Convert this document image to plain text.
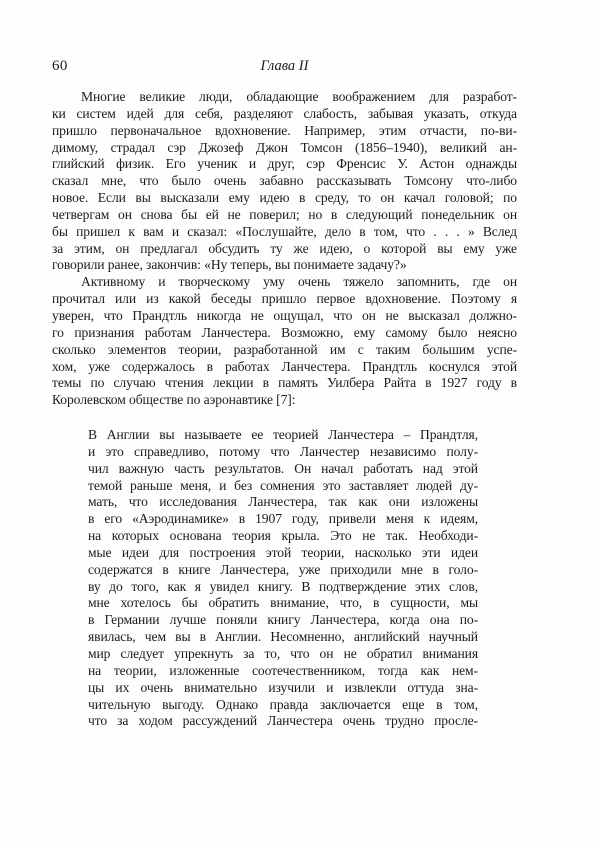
60	Глава II
Многие великие люди, обладающие воображением для разработ-
ки систем идей для себя, разделяют слабость, забывая указать, откуда
пришло первоначальное вдохновение. Например, этим отчасти, по-ви-
димому, страдал сэр Джозеф Джон Томсон (1856–1940), великий ан-
глийский физик. Его ученик и друг, сэр Френсис У. Астон однажды
сказал мне, что было очень забавно рассказывать Томсону что-либо
новое. Если вы высказали ему идею в среду, то он качал головой; по
четвергам он снова бы ей не поверил; но в следующий понедельник он
бы пришел к вам и сказал: «Послушайте, дело в том, что . . . » Вслед
за этим, он предлагал обсудить ту же идею, о которой вы ему уже
говорили ранее, закончив: «Ну теперь, вы понимаете задачу?»
Активному и творческому уму очень тяжело запомнить, где он
прочитал или из какой беседы пришло первое вдохновение. Поэтому я
уверен, что Прандтль никогда не ощущал, что он не высказал должно-
го признания работам Ланчестера. Возможно, ему самому было неясно
сколько элементов теории, разработанной им с таким большим успе-
хом, уже содержалось в работах Ланчестера. Прандтль коснулся этой
темы по случаю чтения лекции в память Уилбера Райта в 1927 году в
Королевском обществе по аэронавтике [7]:
В Англии вы называете ее теорией Ланчестера – Прандтля,
и это справедливо, потому что Ланчестер независимо полу-
чил важную часть результатов. Он начал работать над этой
темой раньше меня, и без сомнения это заставляет людей ду-
мать, что исследования Ланчестера, так как они изложены
в его «Аэродинамике» в 1907 году, привели меня к идеям,
на которых основана теория крыла. Это не так. Необходи-
мые идеи для построения этой теории, насколько эти идеи
содержатся в книге Ланчестера, уже приходили мне в голо-
ву до того, как я увидел книгу. В подтверждение этих слов,
мне хотелось бы обратить внимание, что, в сущности, мы
в Германии лучше поняли книгу Ланчестера, когда она по-
явилась, чем вы в Англии. Несомненно, английский научный
мир следует упрекнуть за то, что он не обратил внимания
на теории, изложенные соотечественником, тогда как нем-
цы их очень внимательно изучили и извлекли оттуда зна-
чительную выгоду. Однако правда заключается еще в том,
что за ходом рассуждений Ланчестера очень трудно просле-
